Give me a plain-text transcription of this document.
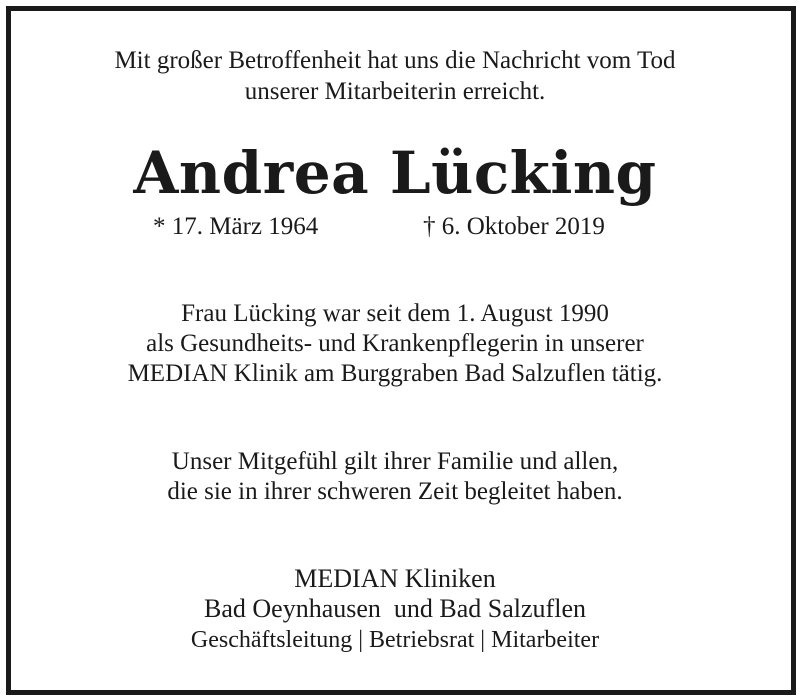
Mit großer Betroffenheit hat uns die Nachricht vom Tod
unserer Mitarbeiterin erreicht.
Andrea Lücking
* 17. März 1964	† 6. Oktober 2019
Frau Lücking war seit dem 1. August 1990
als Gesundheits- und Krankenpflegerin in unserer
MEDIAN Klinik am Burggraben Bad Salzuflen tätig.
Unser Mitgefühl gilt ihrer Familie und allen,
die sie in ihrer schweren Zeit begleitet haben.
MEDIAN Kliniken
Bad Oeynhausen  und Bad Salzuflen
Geschäftsleitung | Betriebsrat | Mitarbeiter
